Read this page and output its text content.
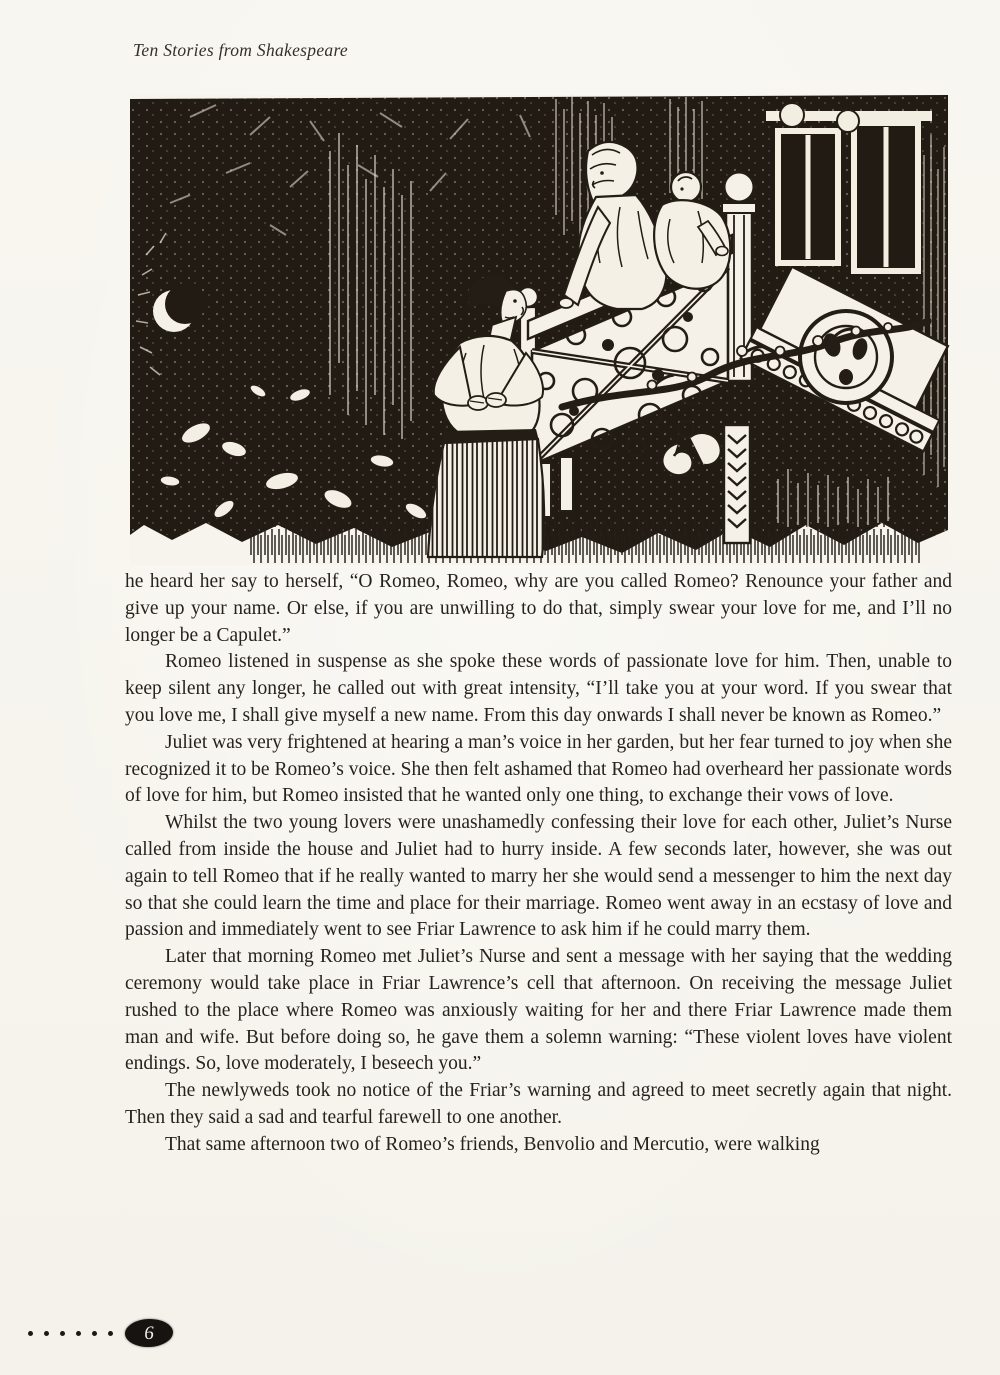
Ten Stories from Shakespeare

he heard her say to herself, “O Romeo, Romeo, why are you called Romeo? Renounce your father and give up your name. Or else, if you are unwilling to do that, simply swear your love for me, and I’ll no longer be a Capulet.”

Romeo listened in suspense as she spoke these words of passionate love for him. Then, unable to keep silent any longer, he called out with great intensity, “I’ll take you at your word. If you swear that you love me, I shall give myself a new name. From this day onwards I shall never be known as Romeo.”

Juliet was very frightened at hearing a man’s voice in her garden, but her fear turned to joy when she recognized it to be Romeo’s voice. She then felt ashamed that Romeo had overheard her passionate words of love for him, but Romeo insisted that he wanted only one thing, to exchange their vows of love.

Whilst the two young lovers were unashamedly confessing their love for each other, Juliet’s Nurse called from inside the house and Juliet had to hurry inside. A few seconds later, however, she was out again to tell Romeo that if he really wanted to marry her she would send a messenger to him the next day so that she could learn the time and place for their marriage. Romeo went away in an ecstasy of love and passion and immediately went to see Friar Lawrence to ask him if he could marry them.

Later that morning Romeo met Juliet’s Nurse and sent a message with her saying that the wedding ceremony would take place in Friar Lawrence’s cell that afternoon. On receiving the message Juliet rushed to the place where Romeo was anxiously waiting for her and there Friar Lawrence made them man and wife. But before doing so, he gave them a solemn warning: “These violent loves have violent endings. So, love moderately, I beseech you.”

The newlyweds took no notice of the Friar’s warning and agreed to meet secretly again that night. Then they said a sad and tearful farewell to one another.

That same afternoon two of Romeo’s friends, Benvolio and Mercutio, were walking

6
